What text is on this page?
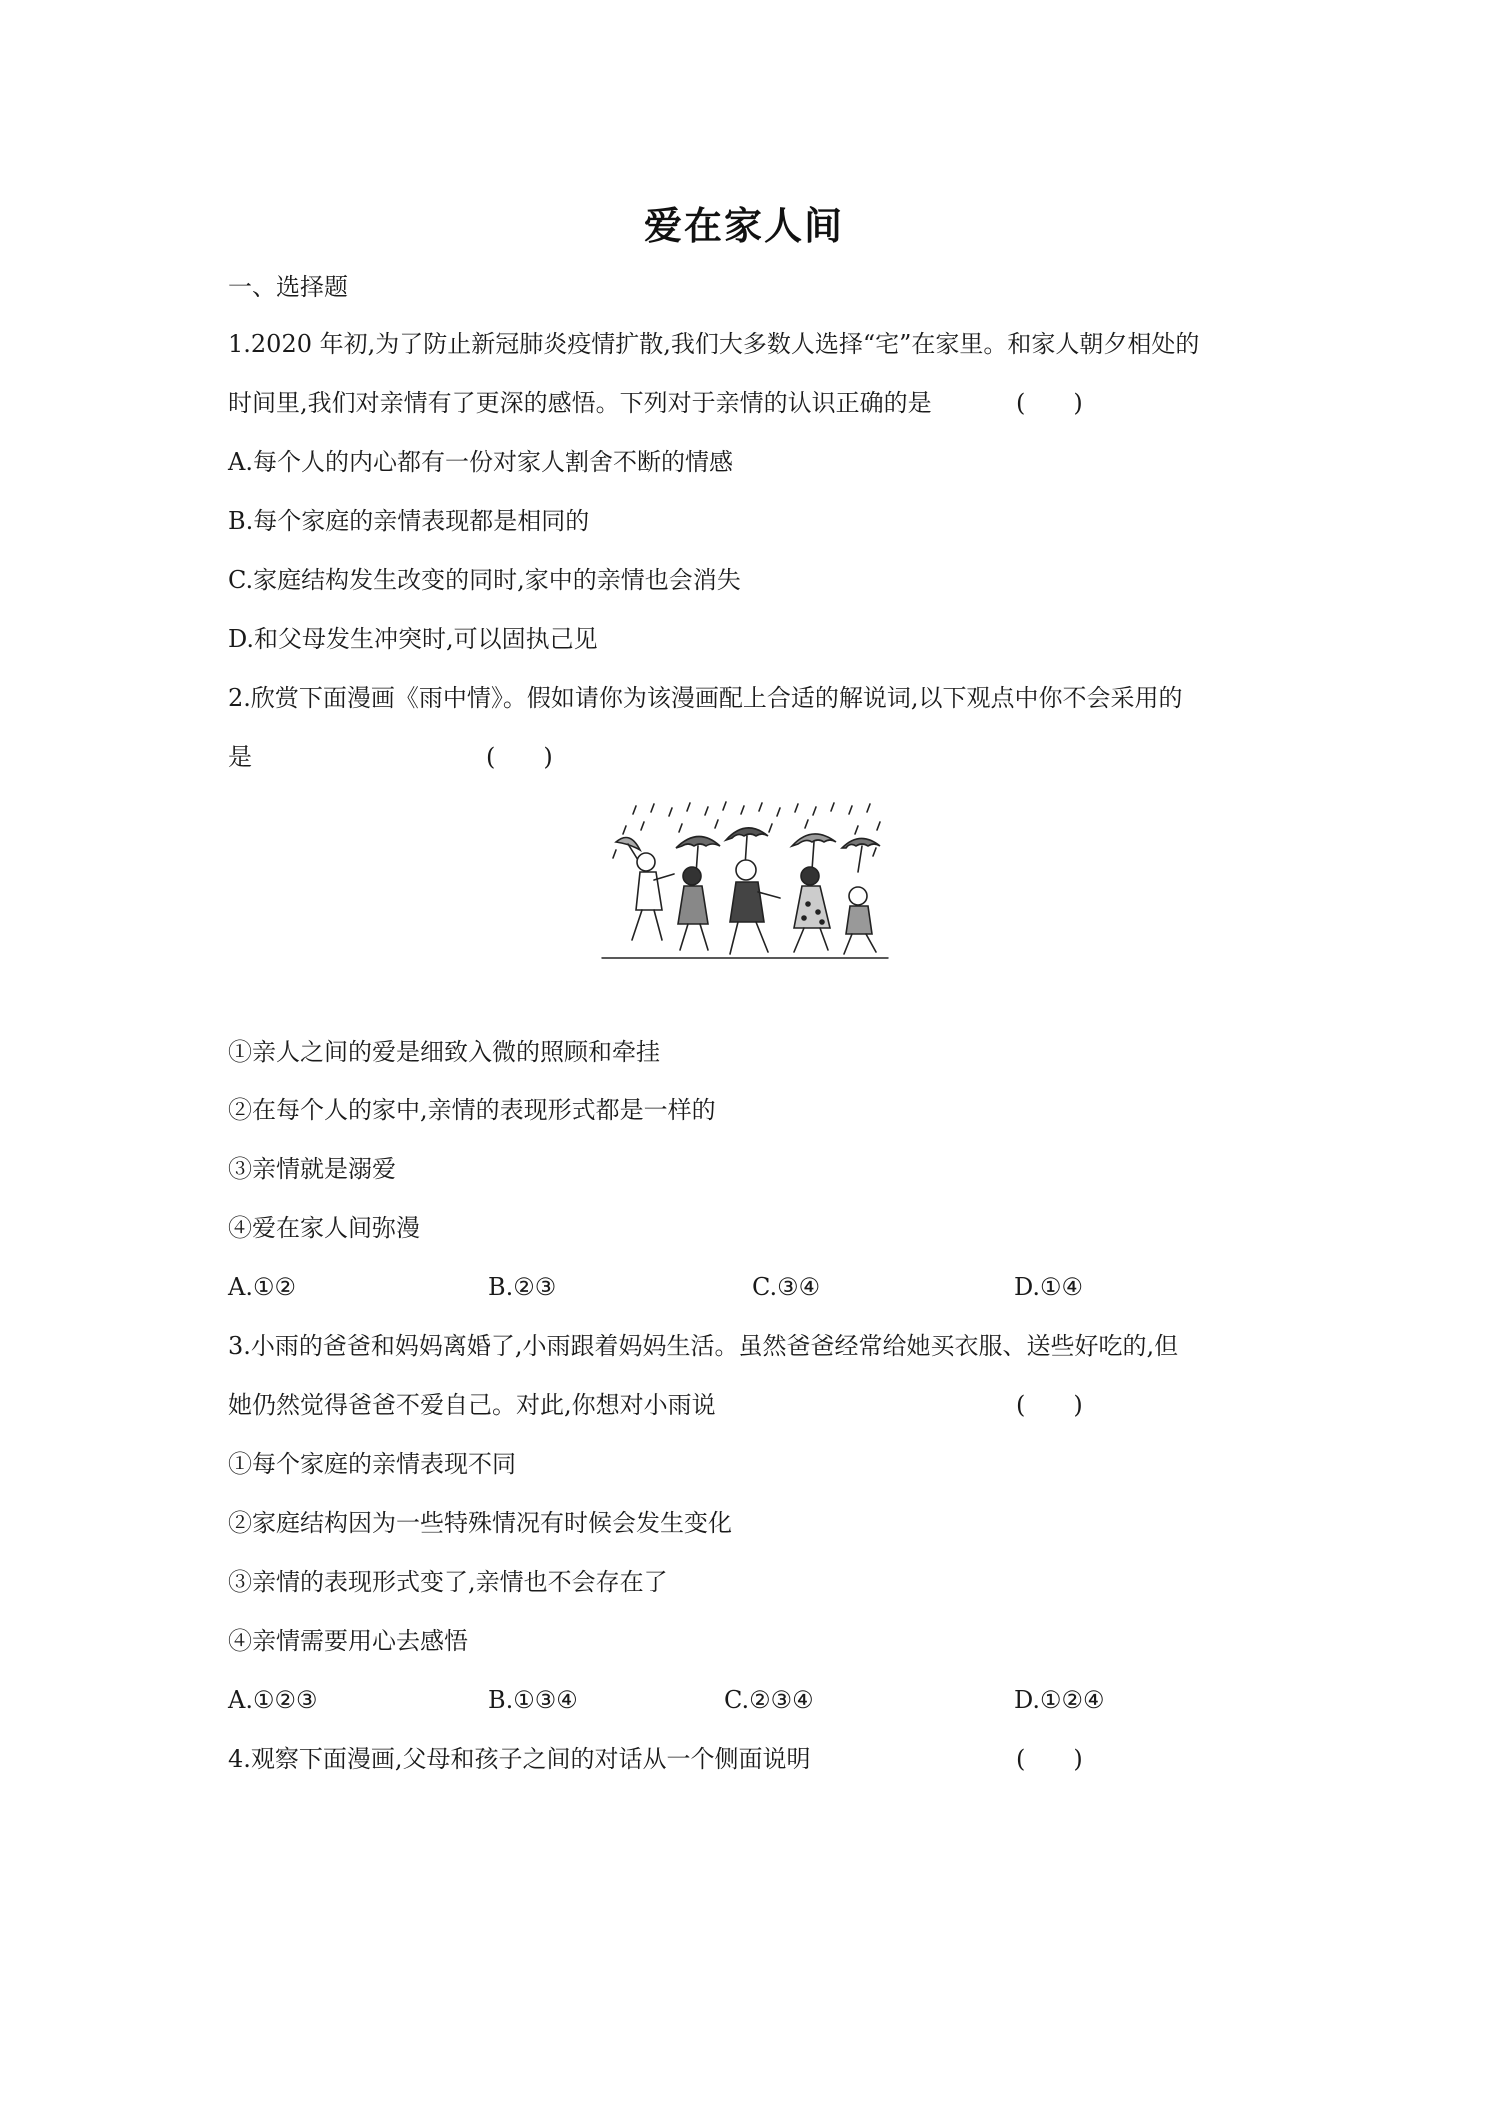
爱在家人间
一、选择题
1.2020 年初,为了防止新冠肺炎疫情扩散,我们大多数人选择“宅”在家里。和家人朝夕相处的
时间里,我们对亲情有了更深的感悟。下列对于亲情的认识正确的是	(　　)
A.每个人的内心都有一份对家人割舍不断的情感
B.每个家庭的亲情表现都是相同的
C.家庭结构发生改变的同时,家中的亲情也会消失
D.和父母发生冲突时,可以固执己见
2.欣赏下面漫画《雨中情》。假如请你为该漫画配上合适的解说词,以下观点中你不会采用的
是	(　　)
①亲人之间的爱是细致入微的照顾和牵挂
②在每个人的家中,亲情的表现形式都是一样的
③亲情就是溺爱
④爱在家人间弥漫
A.①②	B.②③	C.③④	D.①④
3.小雨的爸爸和妈妈离婚了,小雨跟着妈妈生活。虽然爸爸经常给她买衣服、送些好吃的,但
她仍然觉得爸爸不爱自己。对此,你想对小雨说	(　　)
①每个家庭的亲情表现不同
②家庭结构因为一些特殊情况有时候会发生变化
③亲情的表现形式变了,亲情也不会存在了
④亲情需要用心去感悟
A.①②③	B.①③④	C.②③④	D.①②④
4.观察下面漫画,父母和孩子之间的对话从一个侧面说明	(　　)
